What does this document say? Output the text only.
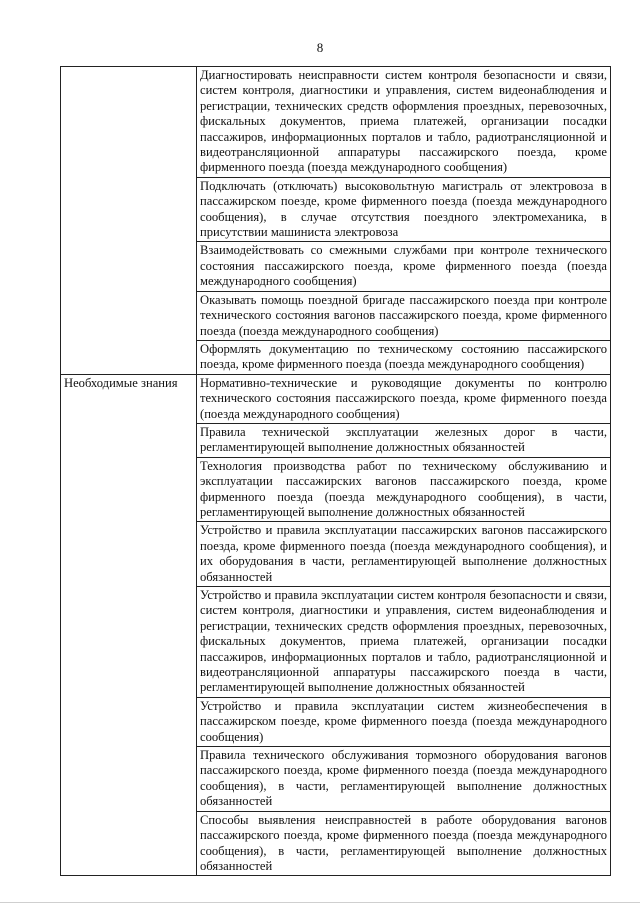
8
	Диагностировать неисправности систем контроля безопасности и связи, систем контроля, диагностики и управления, систем видеонаблюдения и регистрации, технических средств оформления проездных, перевозочных, фискальных документов, приема платежей, организации посадки пассажиров, информационных порталов и табло, радиотрансляционной и видеотрансляционной аппаратуры пассажирского поезда, кроме фирменного поезда (поезда международного сообщения)
	Подключать (отключать) высоковольтную магистраль от электровоза в пассажирском поезде, кроме фирменного поезда (поезда международного сообщения), в случае отсутствия поездного электромеханика, в присутствии машиниста электровоза
	Взаимодействовать со смежными службами при контроле технического состояния пассажирского поезда, кроме фирменного поезда (поезда международного сообщения)
	Оказывать помощь поездной бригаде пассажирского поезда при контроле технического состояния вагонов пассажирского поезда, кроме фирменного поезда (поезда международного сообщения)
	Оформлять документацию по техническому состоянию пассажирского поезда, кроме фирменного поезда (поезда международного сообщения)
Необходимые знания	Нормативно-технические и руководящие документы по контролю технического состояния пассажирского поезда, кроме фирменного поезда (поезда международного сообщения)
	Правила технической эксплуатации железных дорог в части, регламентирующей выполнение должностных обязанностей
	Технология производства работ по техническому обслуживанию и эксплуатации пассажирских вагонов пассажирского поезда, кроме фирменного поезда (поезда международного сообщения), в части, регламентирующей выполнение должностных обязанностей
	Устройство и правила эксплуатации пассажирских вагонов пассажирского поезда, кроме фирменного поезда (поезда международного сообщения), и их оборудования в части, регламентирующей выполнение должностных обязанностей
	Устройство и правила эксплуатации систем контроля безопасности и связи, систем контроля, диагностики и управления, систем видеонаблюдения и регистрации, технических средств оформления проездных, перевозочных, фискальных документов, приема платежей, организации посадки пассажиров, информационных порталов и табло, радиотрансляционной и видеотрансляционной аппаратуры пассажирского поезда в части, регламентирующей выполнение должностных обязанностей
	Устройство и правила эксплуатации систем жизнеобеспечения в пассажирском поезде, кроме фирменного поезда (поезда международного сообщения)
	Правила технического обслуживания тормозного оборудования вагонов пассажирского поезда, кроме фирменного поезда (поезда международного сообщения), в части, регламентирующей выполнение должностных обязанностей
	Способы выявления неисправностей в работе оборудования вагонов пассажирского поезда, кроме фирменного поезда (поезда международного сообщения), в части, регламентирующей выполнение должностных обязанностей
